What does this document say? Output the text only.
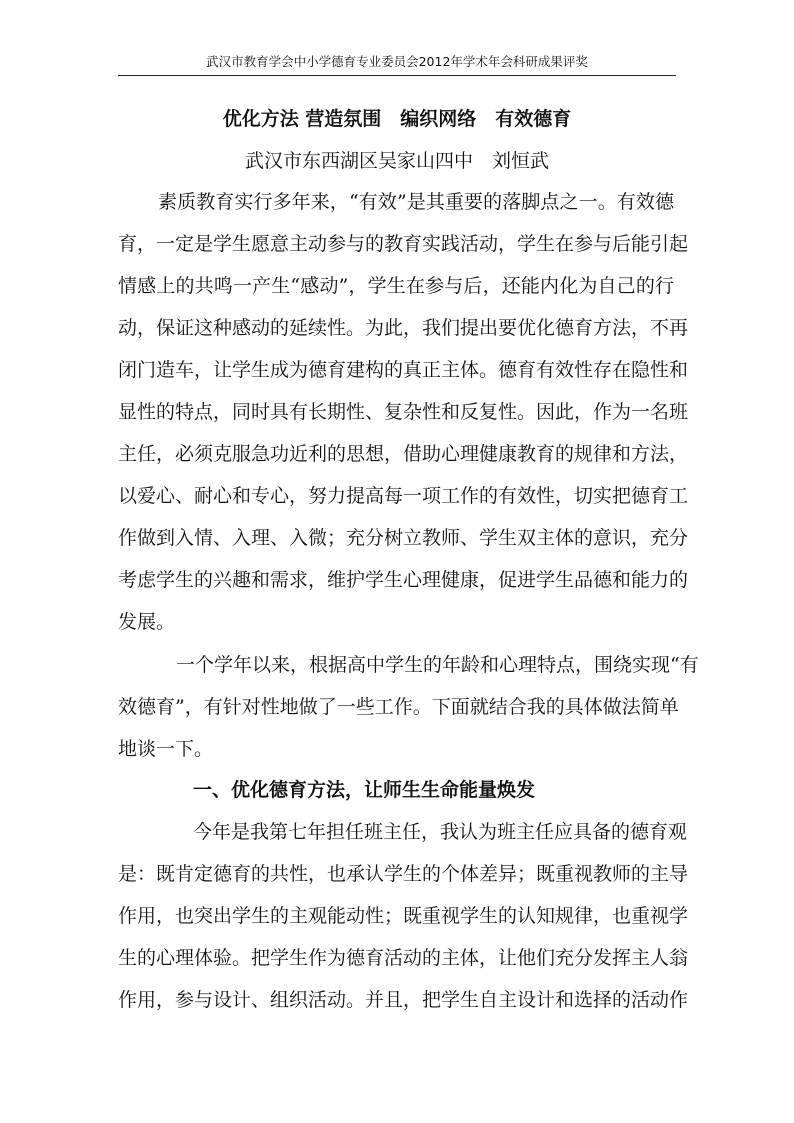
武汉市教育学会中小学德育专业委员会2012年学术年会科研成果评奖
优化方法 营造氛围　编织网络　有效德育
武汉市东西湖区吴家山四中　刘恒武
素质教育实行多年来，“有效”是其重要的落脚点之一。有效德
育，一定是学生愿意主动参与的教育实践活动，学生在参与后能引起
情感上的共鸣一产生“感动”，学生在参与后，还能内化为自己的行
动，保证这种感动的延续性。为此，我们提出要优化德育方法，不再
闭门造车，让学生成为德育建构的真正主体。德育有效性存在隐性和
显性的特点，同时具有长期性、复杂性和反复性。因此，作为一名班
主任，必须克服急功近利的思想，借助心理健康教育的规律和方法，
以爱心、耐心和专心，努力提高每一项工作的有效性，切实把德育工
作做到入情、入理、入微；充分树立教师、学生双主体的意识，充分
考虑学生的兴趣和需求，维护学生心理健康，促进学生品德和能力的
发展。
一个学年以来，根据高中学生的年龄和心理特点，围绕实现“有
效德育”，有针对性地做了一些工作。下面就结合我的具体做法简单
地谈一下。
一、优化德育方法，让师生生命能量焕发
今年是我第七年担任班主任，我认为班主任应具备的德育观
是：既肯定德育的共性，也承认学生的个体差异；既重视教师的主导
作用，也突出学生的主观能动性；既重视学生的认知规律，也重视学
生的心理体验。把学生作为德育活动的主体，让他们充分发挥主人翁
作用，参与设计、组织活动。并且，把学生自主设计和选择的活动作
